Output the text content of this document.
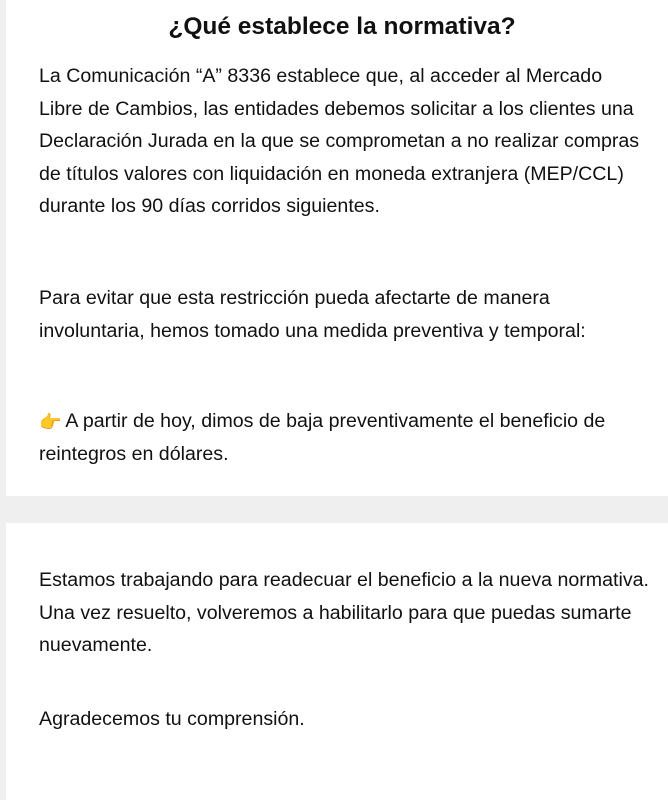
¿Qué establece la normativa?

La Comunicación “A” 8336 establece que, al acceder al Mercado Libre de Cambios, las entidades debemos solicitar a los clientes una Declaración Jurada en la que se comprometan a no realizar compras de títulos valores con liquidación en moneda extranjera (MEP/CCL) durante los 90 días corridos siguientes.

Para evitar que esta restricción pueda afectarte de manera involuntaria, hemos tomado una medida preventiva y temporal:

👉 A partir de hoy, dimos de baja preventivamente el beneficio de reintegros en dólares.

Estamos trabajando para readecuar el beneficio a la nueva normativa. Una vez resuelto, volveremos a habilitarlo para que puedas sumarte nuevamente.

Agradecemos tu comprensión.
